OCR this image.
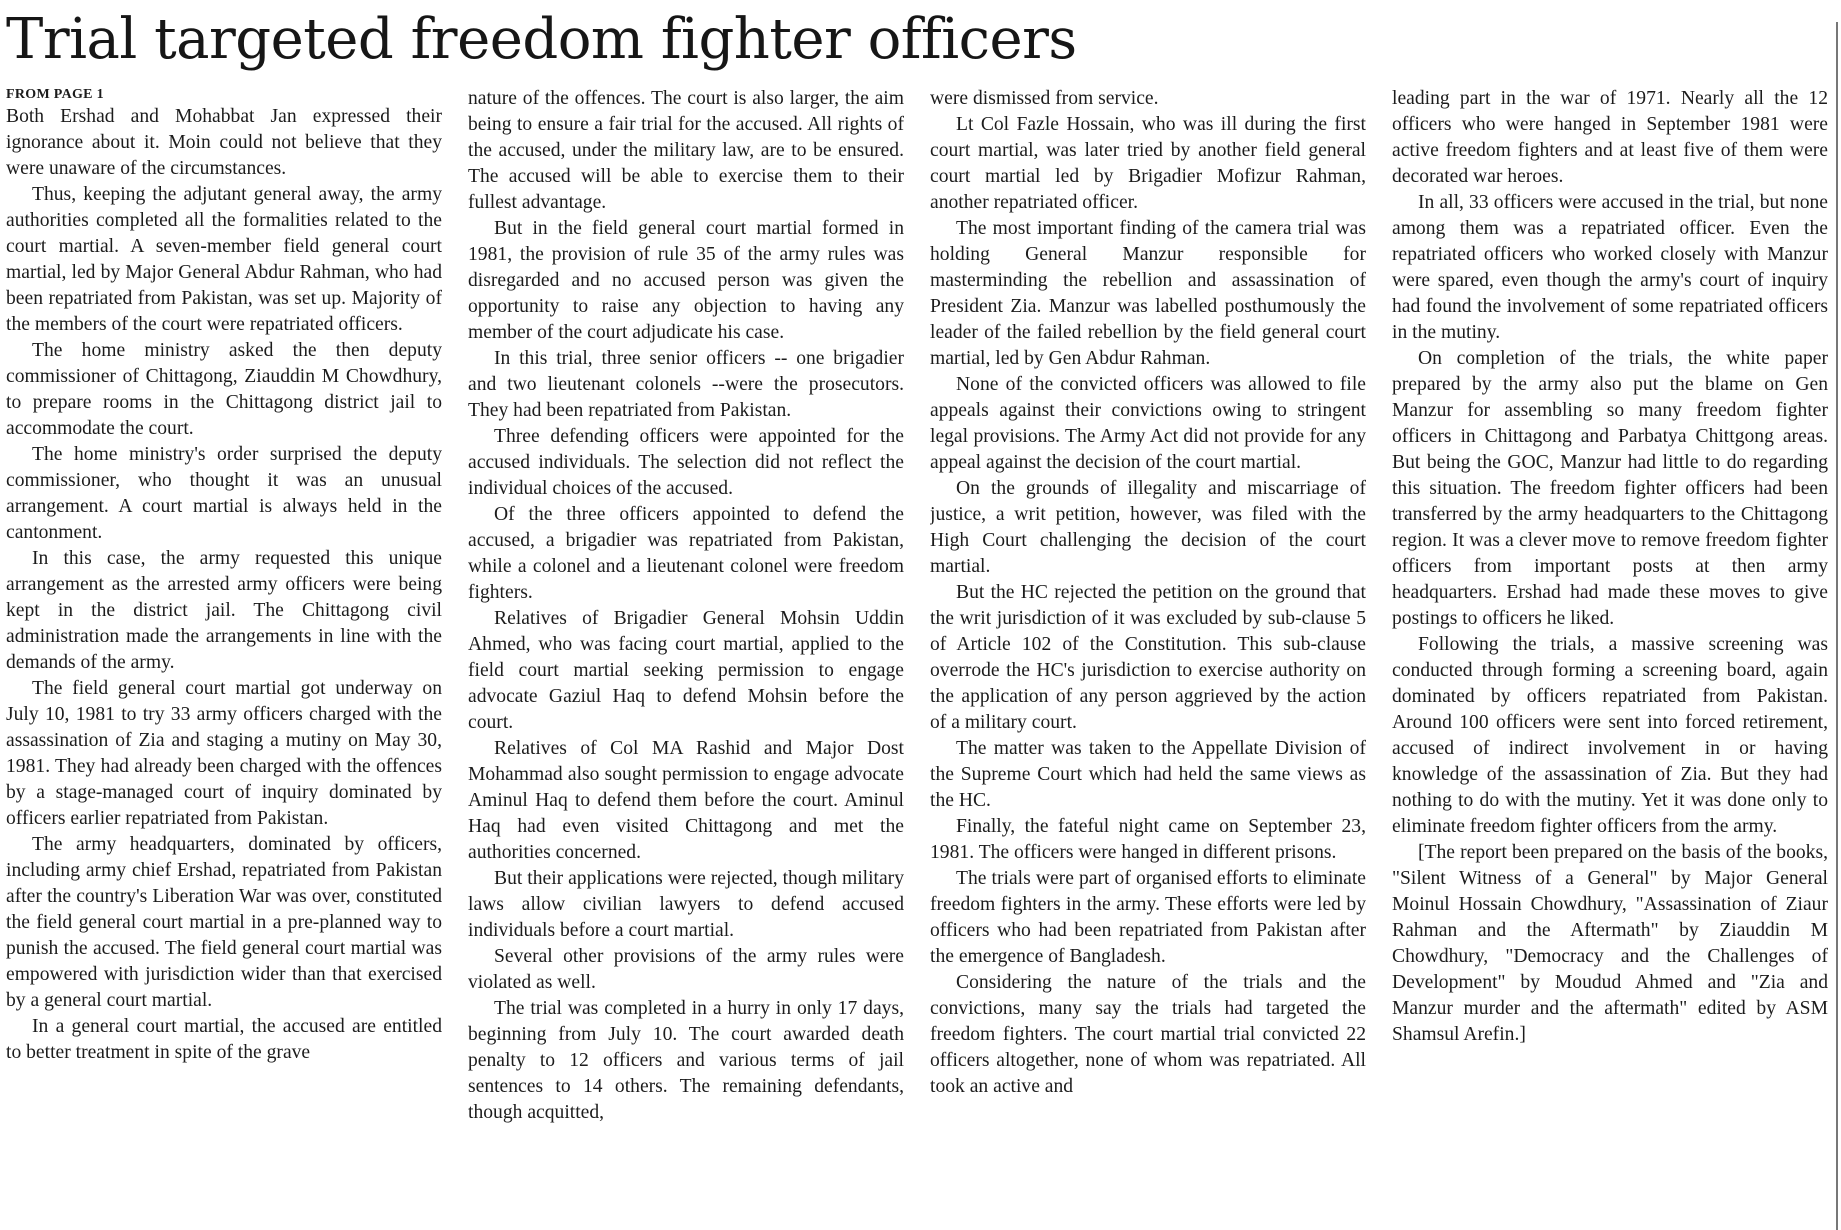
Trial targeted freedom fighter officers
FROM PAGE 1

Both Ershad and Mohabbat Jan expressed their ignorance about it. Moin could not believe that they were unaware of the circumstances.

Thus, keeping the adjutant general away, the army authorities completed all the formalities related to the court martial. A seven-member field general court martial, led by Major General Abdur Rahman, who had been repatriated from Pakistan, was set up. Majority of the members of the court were repatriated officers.

The home ministry asked the then deputy commissioner of Chittagong, Ziauddin M Chowdhury, to prepare rooms in the Chittagong district jail to accommodate the court.

The home ministry's order surprised the deputy commissioner, who thought it was an unusual arrangement. A court martial is always held in the cantonment.

In this case, the army requested this unique arrangement as the arrested army officers were being kept in the district jail. The Chittagong civil administration made the arrangements in line with the demands of the army.

The field general court martial got underway on July 10, 1981 to try 33 army officers charged with the assassination of Zia and staging a mutiny on May 30, 1981. They had already been charged with the offences by a stage-managed court of inquiry dominated by officers earlier repatriated from Pakistan.

The army headquarters, dominated by officers, including army chief Ershad, repatriated from Pakistan after the country's Liberation War was over, constituted the field general court martial in a pre-planned way to punish the accused. The field general court martial was empowered with jurisdiction wider than that exercised by a general court martial.

In a general court martial, the accused are entitled to better treatment in spite of the grave

nature of the offences. The court is also larger, the aim being to ensure a fair trial for the accused. All rights of the accused, under the military law, are to be ensured. The accused will be able to exercise them to their fullest advantage.

But in the field general court martial formed in 1981, the provision of rule 35 of the army rules was disregarded and no accused person was given the opportunity to raise any objection to having any member of the court adjudicate his case.

In this trial, three senior officers -- one brigadier and two lieutenant colonels --were the prosecutors. They had been repatriated from Pakistan.

Three defending officers were appointed for the accused individuals. The selection did not reflect the individual choices of the accused.

Of the three officers appointed to defend the accused, a brigadier was repatriated from Pakistan, while a colonel and a lieutenant colonel were freedom fighters.

Relatives of Brigadier General Mohsin Uddin Ahmed, who was facing court martial, applied to the field court martial seeking permission to engage advocate Gaziul Haq to defend Mohsin before the court.

Relatives of Col MA Rashid and Major Dost Mohammad also sought permission to engage advocate Aminul Haq to defend them before the court. Aminul Haq had even visited Chittagong and met the authorities concerned.

But their applications were rejected, though military laws allow civilian lawyers to defend accused individuals before a court martial.

Several other provisions of the army rules were violated as well.

The trial was completed in a hurry in only 17 days, beginning from July 10. The court awarded death penalty to 12 officers and various terms of jail sentences to 14 others. The remaining defendants, though acquitted,

were dismissed from service.

Lt Col Fazle Hossain, who was ill during the first court martial, was later tried by another field general court martial led by Brigadier Mofizur Rahman, another repatriated officer.

The most important finding of the camera trial was holding General Manzur responsible for masterminding the rebellion and assassination of President Zia. Manzur was labelled posthumously the leader of the failed rebellion by the field general court martial, led by Gen Abdur Rahman.

None of the convicted officers was allowed to file appeals against their convictions owing to stringent legal provisions. The Army Act did not provide for any appeal against the decision of the court martial.

On the grounds of illegality and miscarriage of justice, a writ petition, however, was filed with the High Court challenging the decision of the court martial.

But the HC rejected the petition on the ground that the writ jurisdiction of it was excluded by sub-clause 5 of Article 102 of the Constitution. This sub-clause overrode the HC's jurisdiction to exercise authority on the application of any person aggrieved by the action of a military court.

The matter was taken to the Appellate Division of the Supreme Court which had held the same views as the HC.

Finally, the fateful night came on September 23, 1981. The officers were hanged in different prisons.

The trials were part of organised efforts to eliminate freedom fighters in the army. These efforts were led by officers who had been repatriated from Pakistan after the emergence of Bangladesh.

Considering the nature of the trials and the convictions, many say the trials had targeted the freedom fighters. The court martial trial convicted 22 officers altogether, none of whom was repatriated. All took an active and

leading part in the war of 1971. Nearly all the 12 officers who were hanged in September 1981 were active freedom fighters and at least five of them were decorated war heroes.

In all, 33 officers were accused in the trial, but none among them was a repatriated officer. Even the repatriated officers who worked closely with Manzur were spared, even though the army's court of inquiry had found the involvement of some repatriated officers in the mutiny.

On completion of the trials, the white paper prepared by the army also put the blame on Gen Manzur for assembling so many freedom fighter officers in Chittagong and Parbatya Chittgong areas. But being the GOC, Manzur had little to do regarding this situation. The freedom fighter officers had been transferred by the army headquarters to the Chittagong region. It was a clever move to remove freedom fighter officers from important posts at then army headquarters. Ershad had made these moves to give postings to officers he liked.

Following the trials, a massive screening was conducted through forming a screening board, again dominated by officers repatriated from Pakistan. Around 100 officers were sent into forced retirement, accused of indirect involvement in or having knowledge of the assassination of Zia. But they had nothing to do with the mutiny. Yet it was done only to eliminate freedom fighter officers from the army.

[The report been prepared on the basis of the books, "Silent Witness of a General" by Major General Moinul Hossain Chowdhury, "Assassination of Ziaur Rahman and the Aftermath" by Ziauddin M Chowdhury, "Democracy and the Challenges of Development" by Moudud Ahmed and "Zia and Manzur murder and the aftermath" edited by ASM Shamsul Arefin.]
